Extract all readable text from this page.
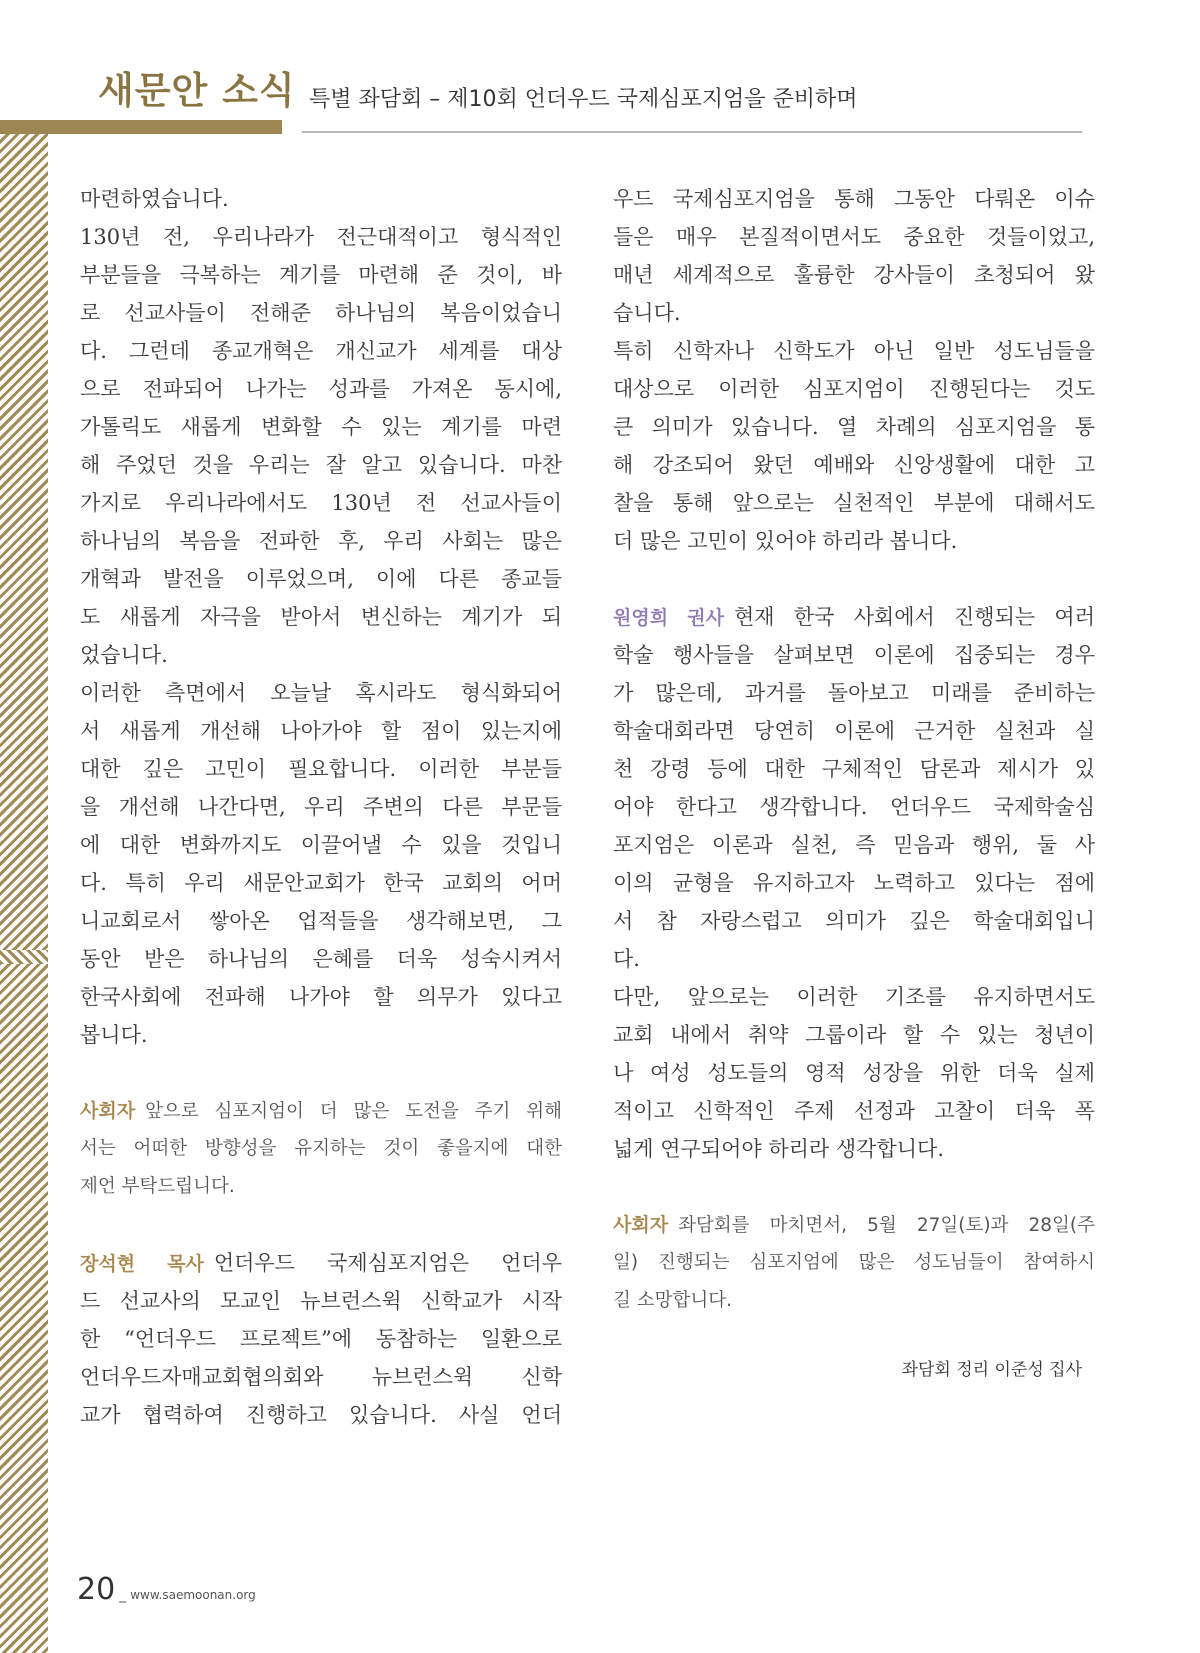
새문안 소식 특별 좌담회 – 제10회 언더우드 국제심포지엄을 준비하며
마련하였습니다.
130년 전, 우리나라가 전근대적이고 형식적인
부분들을 극복하는 계기를 마련해 준 것이, 바
로 선교사들이 전해준 하나님의 복음이었습니
다. 그런데 종교개혁은 개신교가 세계를 대상
으로 전파되어 나가는 성과를 가져온 동시에,
가톨릭도 새롭게 변화할 수 있는 계기를 마련
해 주었던 것을 우리는 잘 알고 있습니다. 마찬
가지로 우리나라에서도 130년 전 선교사들이
하나님의 복음을 전파한 후, 우리 사회는 많은
개혁과 발전을 이루었으며, 이에 다른 종교들
도 새롭게 자극을 받아서 변신하는 계기가 되
었습니다.
이러한 측면에서 오늘날 혹시라도 형식화되어
서 새롭게 개선해 나아가야 할 점이 있는지에
대한 깊은 고민이 필요합니다. 이러한 부분들
을 개선해 나간다면, 우리 주변의 다른 부문들
에 대한 변화까지도 이끌어낼 수 있을 것입니
다. 특히 우리 새문안교회가 한국 교회의 어머
니교회로서 쌓아온 업적들을 생각해보면, 그
동안 받은 하나님의 은혜를 더욱 성숙시켜서
한국사회에 전파해 나가야 할 의무가 있다고
봅니다.
사회자 앞으로 심포지엄이 더 많은 도전을 주기 위해
서는 어떠한 방향성을 유지하는 것이 좋을지에 대한
제언 부탁드립니다.
장석현 목사 언더우드 국제심포지엄은 언더우
드 선교사의 모교인 뉴브런스윅 신학교가 시작
한 “언더우드 프로젝트”에 동참하는 일환으로
언더우드자매교회협의회와 뉴브런스윅 신학
교가 협력하여 진행하고 있습니다. 사실 언더
우드 국제심포지엄을 통해 그동안 다뤄온 이슈
들은 매우 본질적이면서도 중요한 것들이었고,
매년 세계적으로 훌륭한 강사들이 초청되어 왔
습니다.
특히 신학자나 신학도가 아닌 일반 성도님들을
대상으로 이러한 심포지엄이 진행된다는 것도
큰 의미가 있습니다. 열 차례의 심포지엄을 통
해 강조되어 왔던 예배와 신앙생활에 대한 고
찰을 통해 앞으로는 실천적인 부분에 대해서도
더 많은 고민이 있어야 하리라 봅니다.
원영희 권사 현재 한국 사회에서 진행되는 여러
학술 행사들을 살펴보면 이론에 집중되는 경우
가 많은데, 과거를 돌아보고 미래를 준비하는
학술대회라면 당연히 이론에 근거한 실천과 실
천 강령 등에 대한 구체적인 담론과 제시가 있
어야 한다고 생각합니다. 언더우드 국제학술심
포지엄은 이론과 실천, 즉 믿음과 행위, 둘 사
이의 균형을 유지하고자 노력하고 있다는 점에
서 참 자랑스럽고 의미가 깊은 학술대회입니
다.
다만, 앞으로는 이러한 기조를 유지하면서도
교회 내에서 취약 그룹이라 할 수 있는 청년이
나 여성 성도들의 영적 성장을 위한 더욱 실제
적이고 신학적인 주제 선정과 고찰이 더욱 폭
넓게 연구되어야 하리라 생각합니다.
사회자 좌담회를 마치면서, 5월 27일(토)과 28일(주
일) 진행되는 심포지엄에 많은 성도님들이 참여하시
길 소망합니다.
좌담회 정리 이준성 집사
20 _ www.saemoonan.org
